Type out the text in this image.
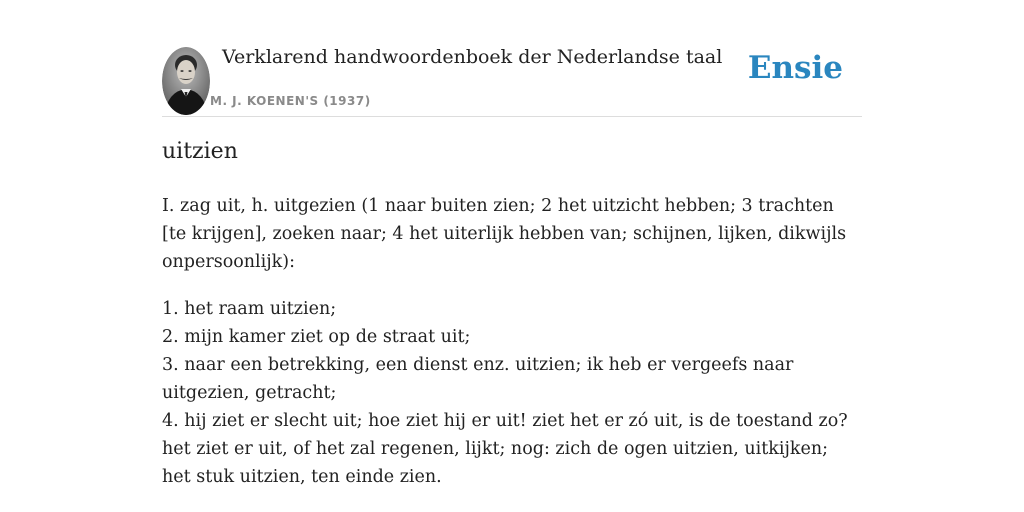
Verklarend handwoordenboek der Nederlandse taal
M. J. KOENEN'S (1937)
Ensie
uitzien

I. zag uit, h. uitgezien (1 naar buiten zien; 2 het uitzicht hebben; 3 trachten [te krijgen], zoeken naar; 4 het uiterlijk hebben van; schijnen, lijken, dikwijls onpersoonlijk):

1. het raam uitzien;
2. mijn kamer ziet op de straat uit;
3. naar een betrekking, een dienst enz. uitzien; ik heb er vergeefs naar uitgezien, getracht;
4. hij ziet er slecht uit; hoe ziet hij er uit! ziet het er zó uit, is de toestand zo? het ziet er uit, of het zal regenen, lijkt; nog: zich de ogen uitzien, uitkijken; het stuk uitzien, ten einde zien.
